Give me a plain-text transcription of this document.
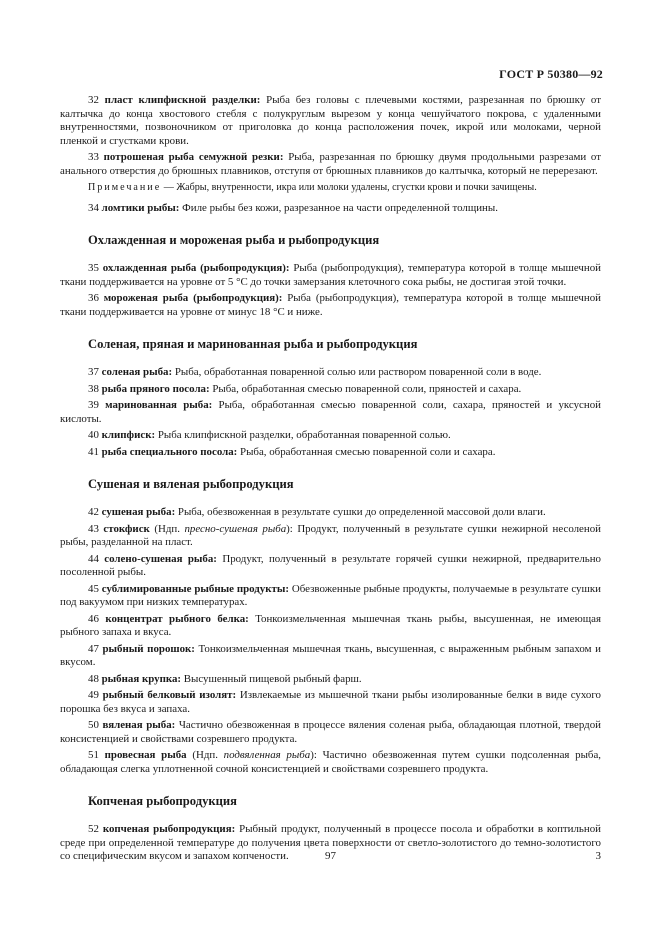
ГОСТ Р 50380—92

32 пласт клипфискной разделки: Рыба без головы с плечевыми костями, разрезанная по брюшку от калтычка до конца хвостового стебля с полукруглым вырезом у конца чешуйчатого покрова, с удаленными внутренностями, позвоночником от приголовка до конца расположения почек, икрой или молоками, черной пленкой и сгустками крови.

33 потрошеная рыба семужной резки: Рыба, разрезанная по брюшку двумя продольными разрезами от анального отверстия до брюшных плавников, отступя от брюшных плавников до калтычка, который не перерезают.

Примечание — Жабры, внутренности, икра или молоки удалены, сгустки крови и почки зачищены.

34 ломтики рыбы: Филе рыбы без кожи, разрезанное на части определенной толщины.

Охлажденная и мороженая рыба и рыбопродукция

35 охлажденная рыба (рыбопродукция): Рыба (рыбопродукция), температура которой в толще мышечной ткани поддерживается на уровне от 5 °С до точки замерзания клеточного сока рыбы, не достигая этой точки.

36 мороженая рыба (рыбопродукция): Рыба (рыбопродукция), температура которой в толще мышечной ткани поддерживается на уровне от минус 18 °С и ниже.

Соленая, пряная и маринованная рыба и рыбопродукция

37 соленая рыба: Рыба, обработанная поваренной солью или раствором поваренной соли в воде.

38 рыба пряного посола: Рыба, обработанная смесью поваренной соли, пряностей и сахара.

39 маринованная рыба: Рыба, обработанная смесью поваренной соли, сахара, пряностей и уксусной кислоты.

40 клипфиск: Рыба клипфискной разделки, обработанная поваренной солью.

41 рыба специального посола: Рыба, обработанная смесью поваренной соли и сахара.

Сушеная и вяленая рыбопродукция

42 сушеная рыба: Рыба, обезвоженная в результате сушки до определенной массовой доли влаги.

43 стокфиск (Ндп. пресно-сушеная рыба): Продукт, полученный в результате сушки нежирной несоленой рыбы, разделанной на пласт.

44 солено-сушеная рыба: Продукт, полученный в результате горячей сушки нежирной, предварительно посоленной рыбы.

45 сублимированные рыбные продукты: Обезвоженные рыбные продукты, получаемые в результате сушки под вакуумом при низких температурах.

46 концентрат рыбного белка: Тонкоизмельченная мышечная ткань рыбы, высушенная, не имеющая рыбного запаха и вкуса.

47 рыбный порошок: Тонкоизмельченная мышечная ткань, высушенная, с выраженным рыбным запахом и вкусом.

48 рыбная крупка: Высушенный пищевой рыбный фарш.

49 рыбный белковый изолят: Извлекаемые из мышечной ткани рыбы изолированные белки в виде сухого порошка без вкуса и запаха.

50 вяленая рыба: Частично обезвоженная в процессе вяления соленая рыба, обладающая плотной, твердой консистенцией и свойствами созревшего продукта.

51 провесная рыба (Ндп. подвяленная рыба): Частично обезвоженная путем сушки подсоленная рыба, обладающая слегка уплотненной сочной консистенцией и свойствами созревшего продукта.

Копченая рыбопродукция

52 копченая рыбопродукция: Рыбный продукт, полученный в процессе посола и обработки в коптильной среде при определенной температуре до получения цвета поверхности от светло-золотистого до темно-золотистого со специфическим вкусом и запахом копчености.	97	3
